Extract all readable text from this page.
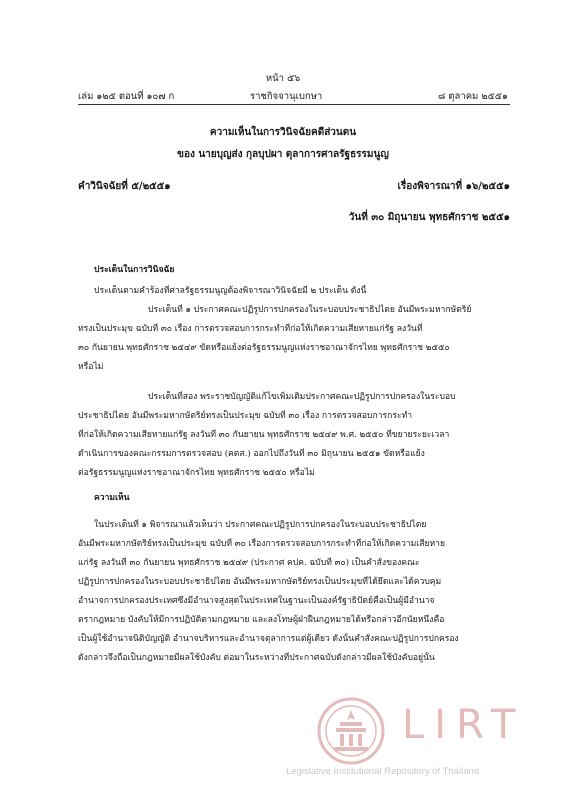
หน้า ๕๖
เล่ม ๑๒๕ ตอนที่ ๑๐๗ ก	ราชกิจจานุเบกษา	๘ ตุลาคม ๒๕๕๑
ความเห็นในการวินิจฉัยคดีส่วนตน
ของ นายบุญส่ง กุลบุปผา ตุลาการศาลรัฐธรรมนูญ
คำวินิจฉัยที่ ๕/๒๕๕๑	เรื่องพิจารณาที่ ๑๖/๒๕๕๑
วันที่ ๓๐ มิถุนายน พุทธศักราช ๒๕๕๑
ประเด็นในการวินิจฉัย
ประเด็นตามคำร้องที่ศาลรัฐธรรมนูญต้องพิจารณาวินิจฉัยมี ๒ ประเด็น ดังนี้
ประเด็นที่ ๑ ประกาศคณะปฏิรูปการปกครองในระบอบประชาธิปไตย อันมีพระมหากษัตริย์
ทรงเป็นประมุข ฉบับที่ ๓๐ เรื่อง การตรวจสอบการกระทำที่ก่อให้เกิดความเสียหายแก่รัฐ ลงวันที่
๓๐ กันยายน พุทธศักราช ๒๕๔๙ ขัดหรือแย้งต่อรัฐธรรมนูญแห่งราชอาณาจักรไทย พุทธศักราช ๒๕๕๐
หรือไม่
ประเด็นที่สอง พระราชบัญญัติแก้ไขเพิ่มเติมประกาศคณะปฏิรูปการปกครองในระบอบ
ประชาธิปไตย อันมีพระมหากษัตริย์ทรงเป็นประมุข ฉบับที่ ๓๐ เรื่อง การตรวจสอบการกระทำ
ที่ก่อให้เกิดความเสียหายแก่รัฐ ลงวันที่ ๓๐ กันยายน พุทธศักราช ๒๕๔๙ พ.ศ. ๒๕๕๐ ที่ขยายระยะเวลา
ดำเนินการของคณะกรรมการตรวจสอบ (คตส.) ออกไปถึงวันที่ ๓๐ มิถุนายน ๒๕๕๑ ขัดหรือแย้ง
ต่อรัฐธรรมนูญแห่งราชอาณาจักรไทย พุทธศักราช ๒๕๕๐ หรือไม่
ความเห็น
ในประเด็นที่ ๑ พิจารณาแล้วเห็นว่า ประกาศคณะปฏิรูปการปกครองในระบอบประชาธิปไตย
อันมีพระมหากษัตริย์ทรงเป็นประมุข ฉบับที่ ๓๐ เรื่องการตรวจสอบการกระทำที่ก่อให้เกิดความเสียหาย
แก่รัฐ ลงวันที่ ๓๐ กันยายน พุทธศักราช ๒๕๔๙ (ประกาศ คปค. ฉบับที่ ๓๐) เป็นคำสั่งของคณะ
ปฏิรูปการปกครองในระบอบประชาธิปไตย อันมีพระมหากษัตริย์ทรงเป็นประมุขที่ได้ยึดและได้ควบคุม
อำนาจการปกครองประเทศซึ่งมีอำนาจสูงสุดในประเทศในฐานะเป็นองค์รัฐาธิปัตย์คือเป็นผู้มีอำนาจ
ตรากฎหมาย บังคับให้มีการปฏิบัติตามกฎหมาย และลงโทษผู้ฝ่าฝืนกฎหมายได้หรือกล่าวอีกนัยหนึ่งคือ
เป็นผู้ใช้อำนาจนิติบัญญัติ อำนาจบริหารและอำนาจตุลาการแต่ผู้เดียว ดังนั้นคำสั่งคณะปฏิรูปการปกครอง
ดังกล่าวจึงถือเป็นกฎหมายมีผลใช้บังคับ ต่อมาในระหว่างที่ประกาศฉบับดังกล่าวมีผลใช้บังคับอยู่นั้น
LIRT
Legislative Institutional Repository of Thailand
